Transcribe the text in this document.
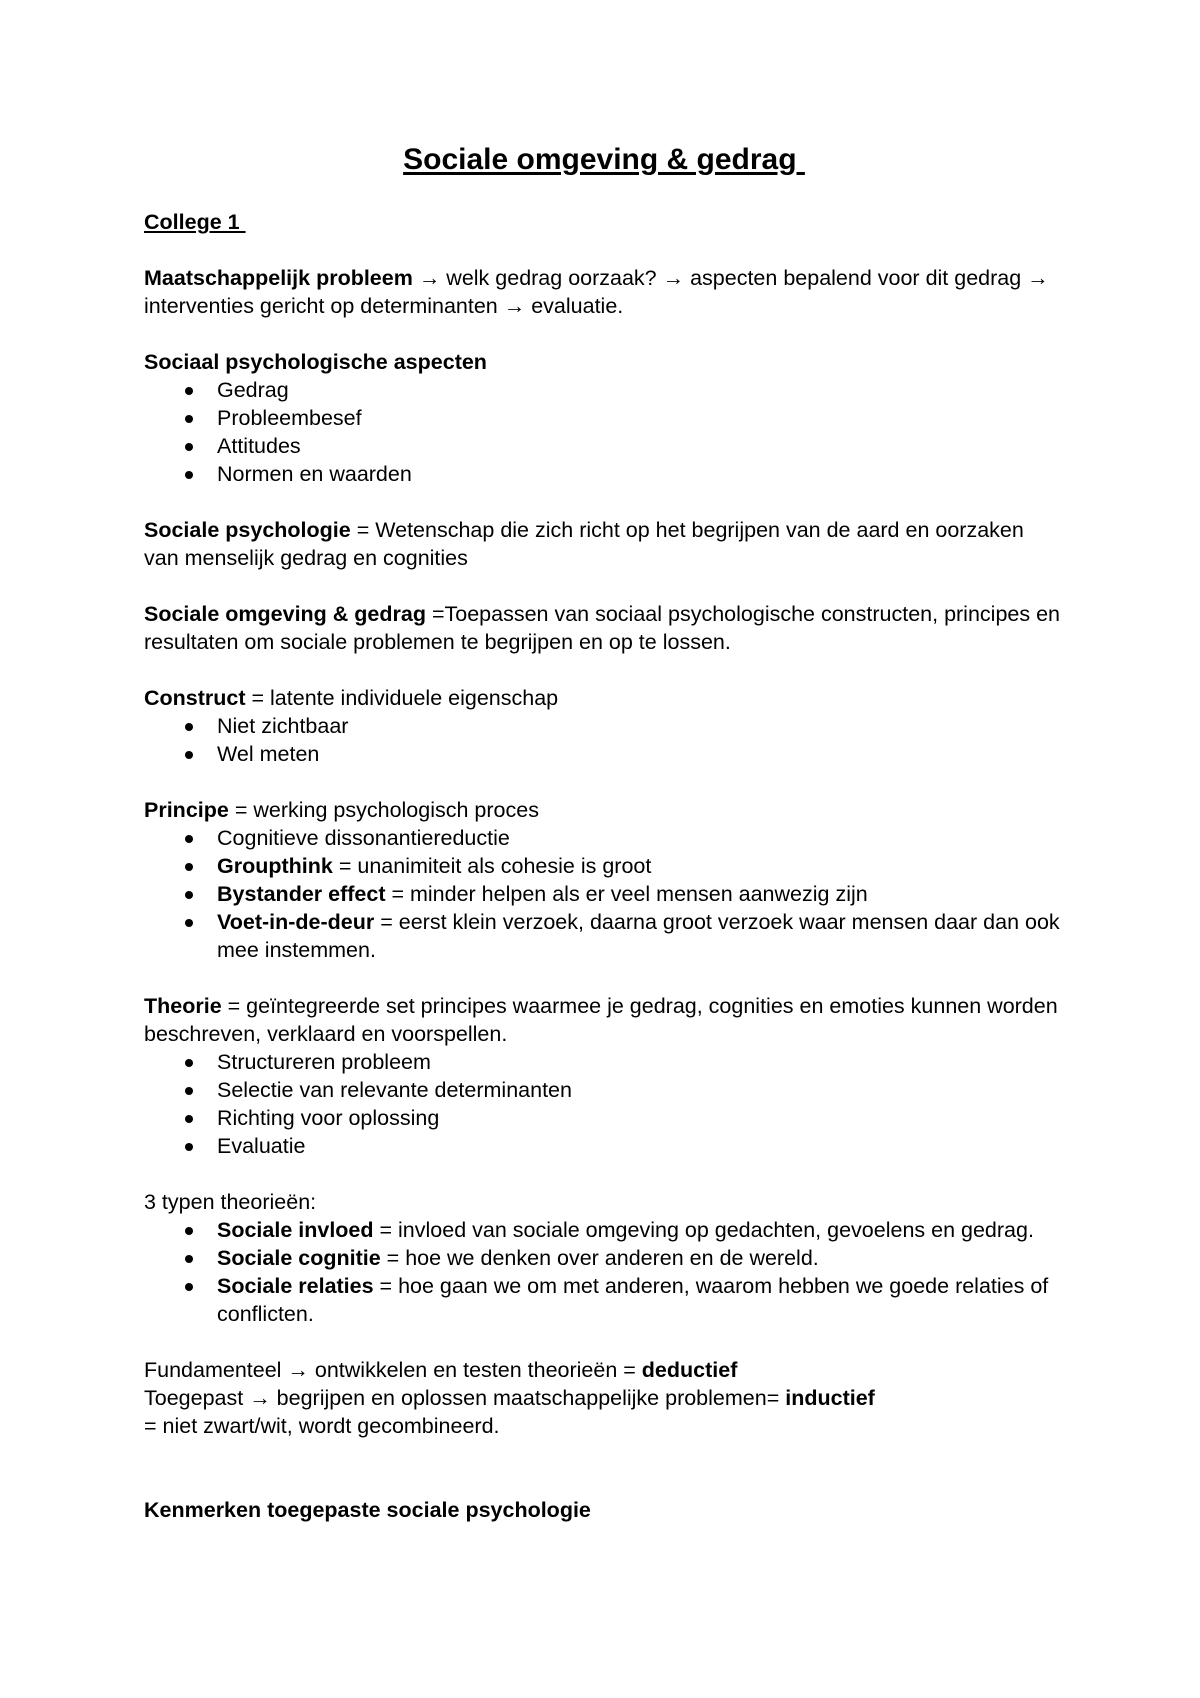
Sociale omgeving & gedrag
College 1

Maatschappelijk probleem → welk gedrag oorzaak? → aspecten bepalend voor dit gedrag → interventies gericht op determinanten → evaluatie.

Sociaal psychologische aspecten

Gedrag
Probleembesef
Attitudes
Normen en waarden

Sociale psychologie = Wetenschap die zich richt op het begrijpen van de aard en oorzaken van menselijk gedrag en cognities

Sociale omgeving & gedrag =Toepassen van sociaal psychologische constructen, principes en resultaten om sociale problemen te begrijpen en op te lossen.

Construct = latente individuele eigenschap

Niet zichtbaar
Wel meten

Principe = werking psychologisch proces

Cognitieve dissonantiereductie
Groupthink = unanimiteit als cohesie is groot
Bystander effect = minder helpen als er veel mensen aanwezig zijn
Voet-in-de-deur = eerst klein verzoek, daarna groot verzoek waar mensen daar dan ook mee instemmen.

Theorie = geïntegreerde set principes waarmee je gedrag, cognities en emoties kunnen worden beschreven, verklaard en voorspellen.

Structureren probleem
Selectie van relevante determinanten
Richting voor oplossing
Evaluatie

3 typen theorieën:

Sociale invloed = invloed van sociale omgeving op gedachten, gevoelens en gedrag.
Sociale cognitie = hoe we denken over anderen en de wereld.
Sociale relaties = hoe gaan we om met anderen, waarom hebben we goede relaties of conflicten.

Fundamenteel → ontwikkelen en testen theorieën = deductief

Toegepast → begrijpen en oplossen maatschappelijke problemen= inductief

= niet zwart/wit, wordt gecombineerd.

Kenmerken toegepaste sociale psychologie
